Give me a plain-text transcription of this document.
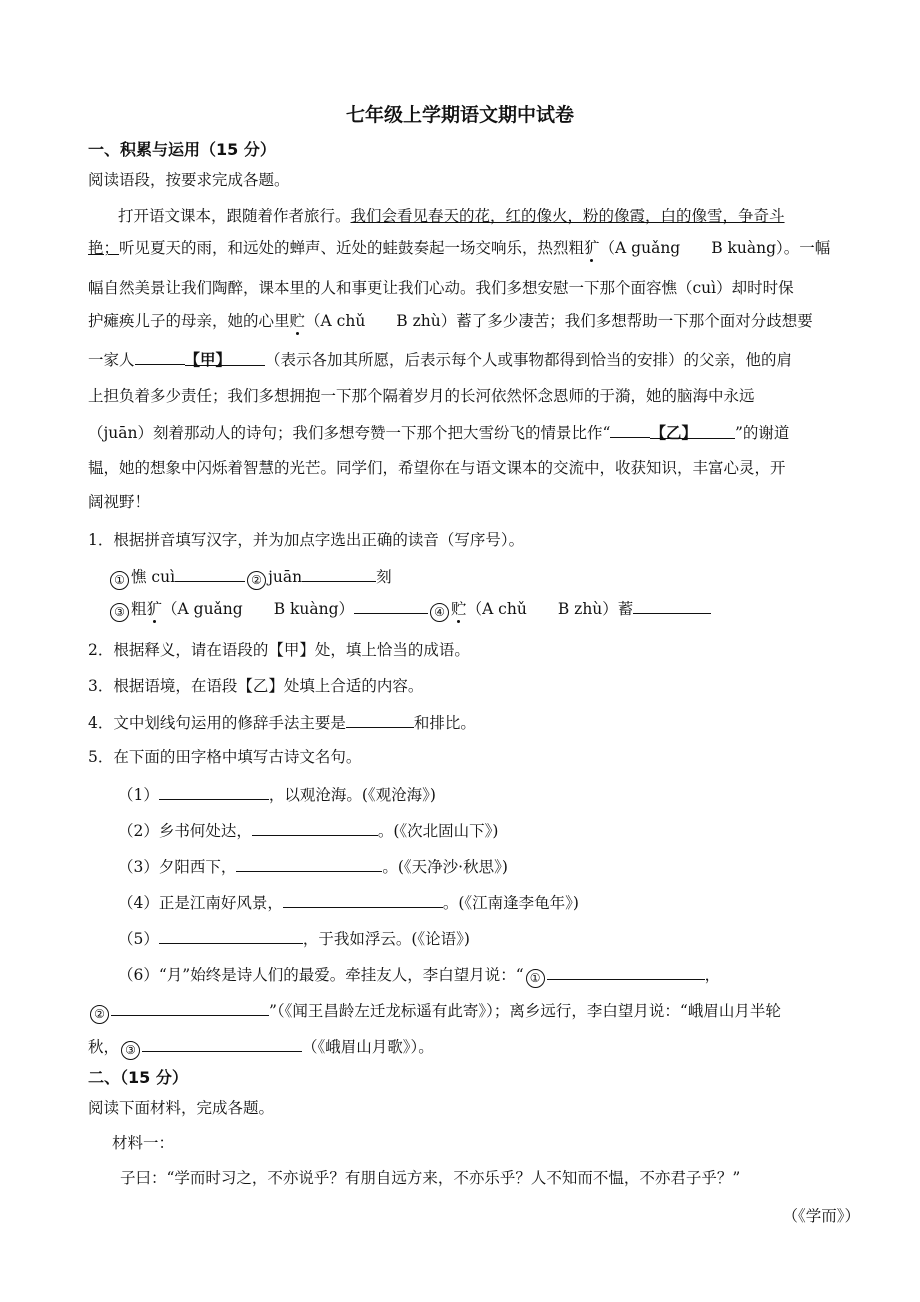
七年级上学期语文期中试卷
一、积累与运用（15 分）
阅读语段，按要求完成各题。
打开语文课本，跟随着作者旅行。我们会看见春天的花，红的像火，粉的像霞，白的像雪，争奇斗
艳；听见夏天的雨，和远处的蝉声、近处的蛙鼓奏起一场交响乐，热烈粗犷（A guǎng　　B kuàng）。一幅
幅自然美景让我们陶醉，课本里的人和事更让我们心动。我们多想安慰一下那个面容憔（cuì）却时时保
护瘫痪儿子的母亲，她的心里贮（A chǔ　　B zhù）蓄了多少凄苦；我们多想帮助一下那个面对分歧想要
一家人	【甲】 （表示各加其所愿，后表示每个人或事物都得到恰当的安排）的父亲，他的肩
上担负着多少责任；我们多想拥抱一下那个隔着岁月的长河依然怀念恩师的于漪，她的脑海中永远
（juān）刻着那动人的诗句；我们多想夸赞一下那个把大雪纷飞的情景比作“	【乙】 ”的谢道
韫，她的想象中闪烁着智慧的光芒。同学们，希望你在与语文课本的交流中，收获知识，丰富心灵，开
阔视野！
1．根据拼音填写汉字，并为加点字选出正确的读音（写序号）。
① 憔 cuì	② juān	刻
③ 粗犷（A guǎng　　B kuàng）	④ 贮（A chǔ　　B zhù）蓄
2．根据释义，请在语段的【甲】处，填上恰当的成语。
3．根据语境，在语段【乙】处填上合适的内容。
4．文中划线句运用的修辞手法主要是	和排比。
5．在下面的田字格中填写古诗文名句。
（1）	，以观沧海。(《观沧海》)
（2）乡书何处达，	。(《次北固山下》)
（3）夕阳西下，	。(《天净沙·秋思》)
（4）正是江南好风景，	。(《江南逢李龟年》)
（5）	，于我如浮云。(《论语》)
（6）“月”始终是诗人们的最爱。牵挂友人，李白望月说：“ ①	，
②	”（《闻王昌龄左迁龙标遥有此寄》）；离乡远行，李白望月说：“峨眉山月半轮
秋， ③	（《峨眉山月歌》）。
二、（15 分）
阅读下面材料，完成各题。
材料一：
子曰：“学而时习之，不亦说乎？有朋自远方来，不亦乐乎？人不知而不愠，不亦君子乎？”
（《学而》）
